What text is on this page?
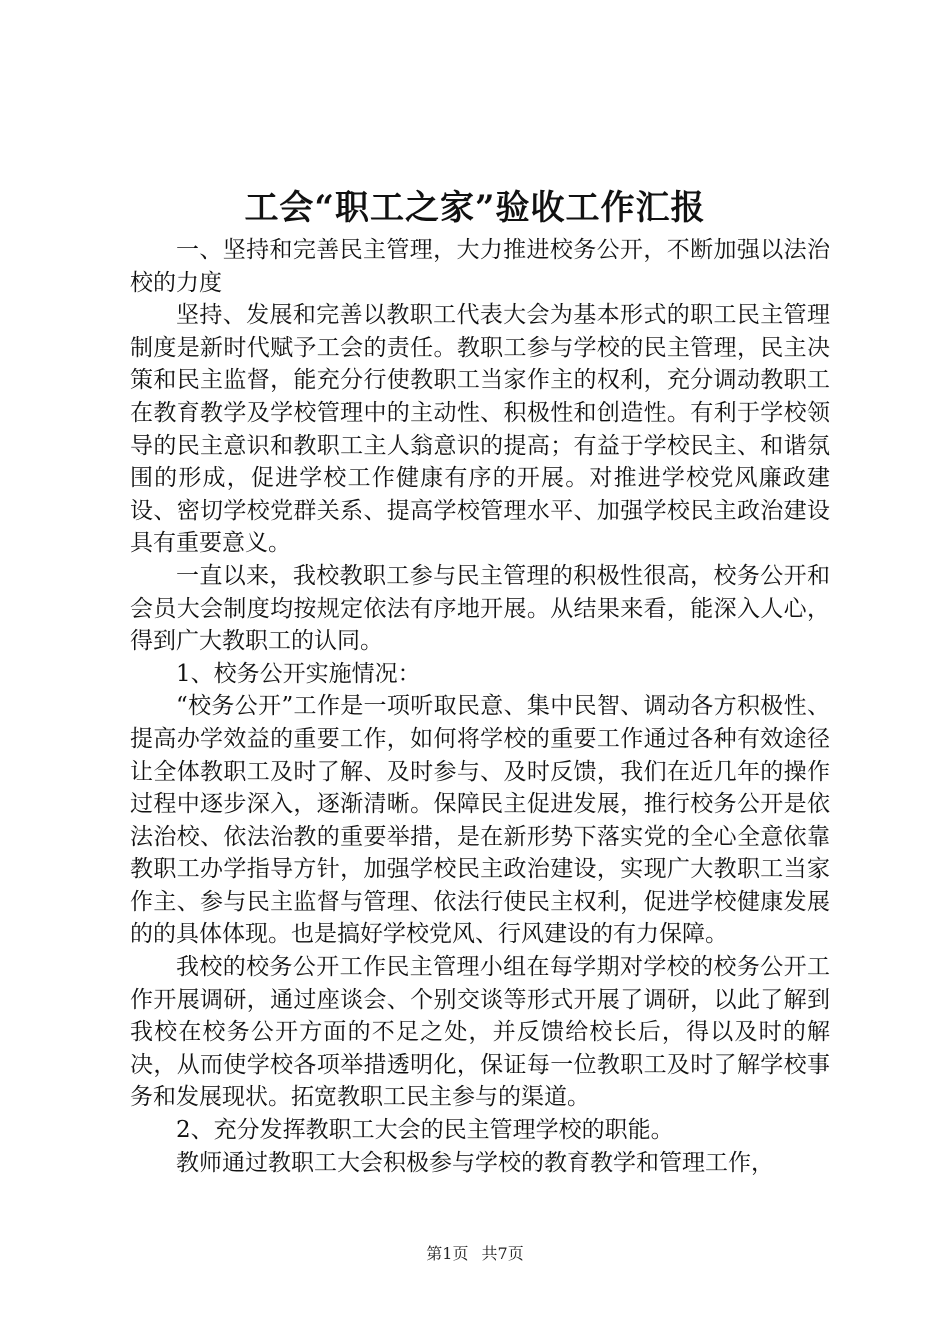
工会“职工之家”验收工作汇报

一、坚持和完善民主管理，大力推进校务公开，不断加强以法治校的力度

坚持、发展和完善以教职工代表大会为基本形式的职工民主管理制度是新时代赋予工会的责任。教职工参与学校的民主管理，民主决策和民主监督，能充分行使教职工当家作主的权利，充分调动教职工在教育教学及学校管理中的主动性、积极性和创造性。有利于学校领导的民主意识和教职工主人翁意识的提高；有益于学校民主、和谐氛围的形成，促进学校工作健康有序的开展。对推进学校党风廉政建设、密切学校党群关系、提高学校管理水平、加强学校民主政治建设具有重要意义。

一直以来，我校教职工参与民主管理的积极性很高，校务公开和会员大会制度均按规定依法有序地开展。从结果来看，能深入人心，得到广大教职工的认同。

1、校务公开实施情况：

“校务公开”工作是一项听取民意、集中民智、调动各方积极性、提高办学效益的重要工作，如何将学校的重要工作通过各种有效途径让全体教职工及时了解、及时参与、及时反馈，我们在近几年的操作过程中逐步深入，逐渐清晰。保障民主促进发展，推行校务公开是依法治校、依法治教的重要举措，是在新形势下落实党的全心全意依靠教职工办学指导方针，加强学校民主政治建设，实现广大教职工当家作主、参与民主监督与管理、依法行使民主权利，促进学校健康发展的的具体体现。也是搞好学校党风、行风建设的有力保障。

我校的校务公开工作民主管理小组在每学期对学校的校务公开工作开展调研，通过座谈会、个别交谈等形式开展了调研，以此了解到我校在校务公开方面的不足之处，并反馈给校长后，得以及时的解决，从而使学校各项举措透明化，保证每一位教职工及时了解学校事务和发展现状。拓宽教职工民主参与的渠道。

2、充分发挥教职工大会的民主管理学校的职能。

教师通过教职工大会积极参与学校的教育教学和管理工作，

第1页 共7页
